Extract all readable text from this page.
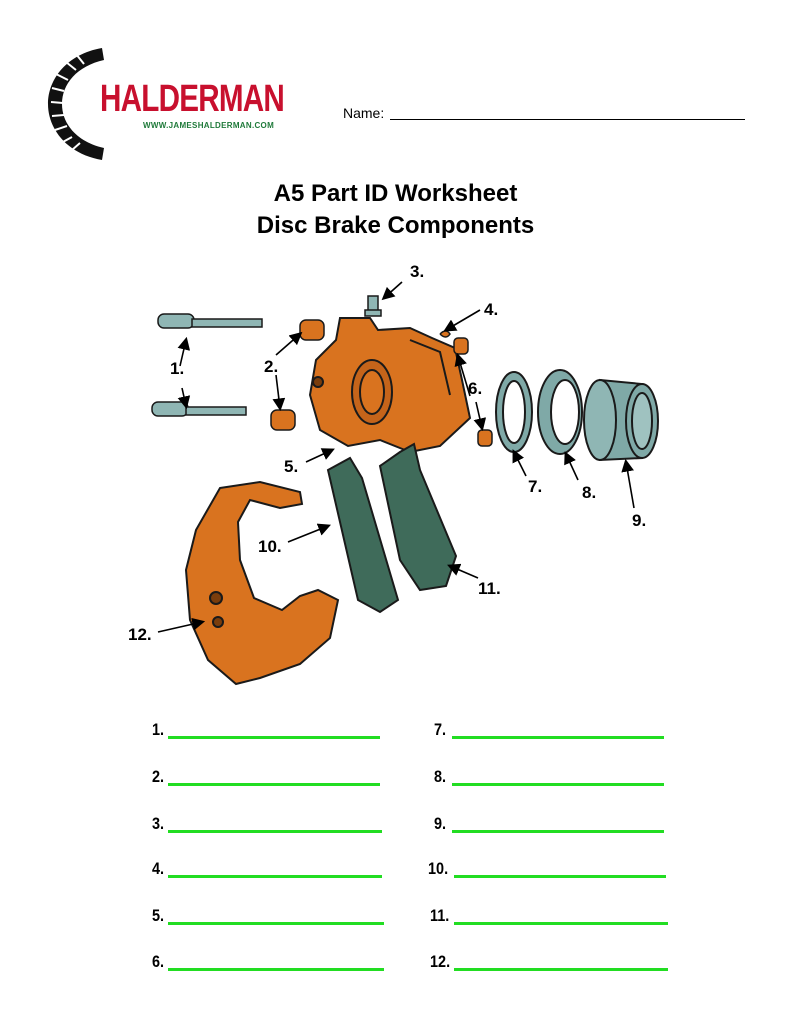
HALDERMAN
WWW.JAMESHALDERMAN.COM
Name:
A5 Part ID Worksheet
Disc Brake Components
1.	2.
3.
4.
5.
6.
7. 8.
9.
10.
11.
12.
1.
2.
3.
4.
5.
6.
7.
8.
9.
10.
11.
12.
